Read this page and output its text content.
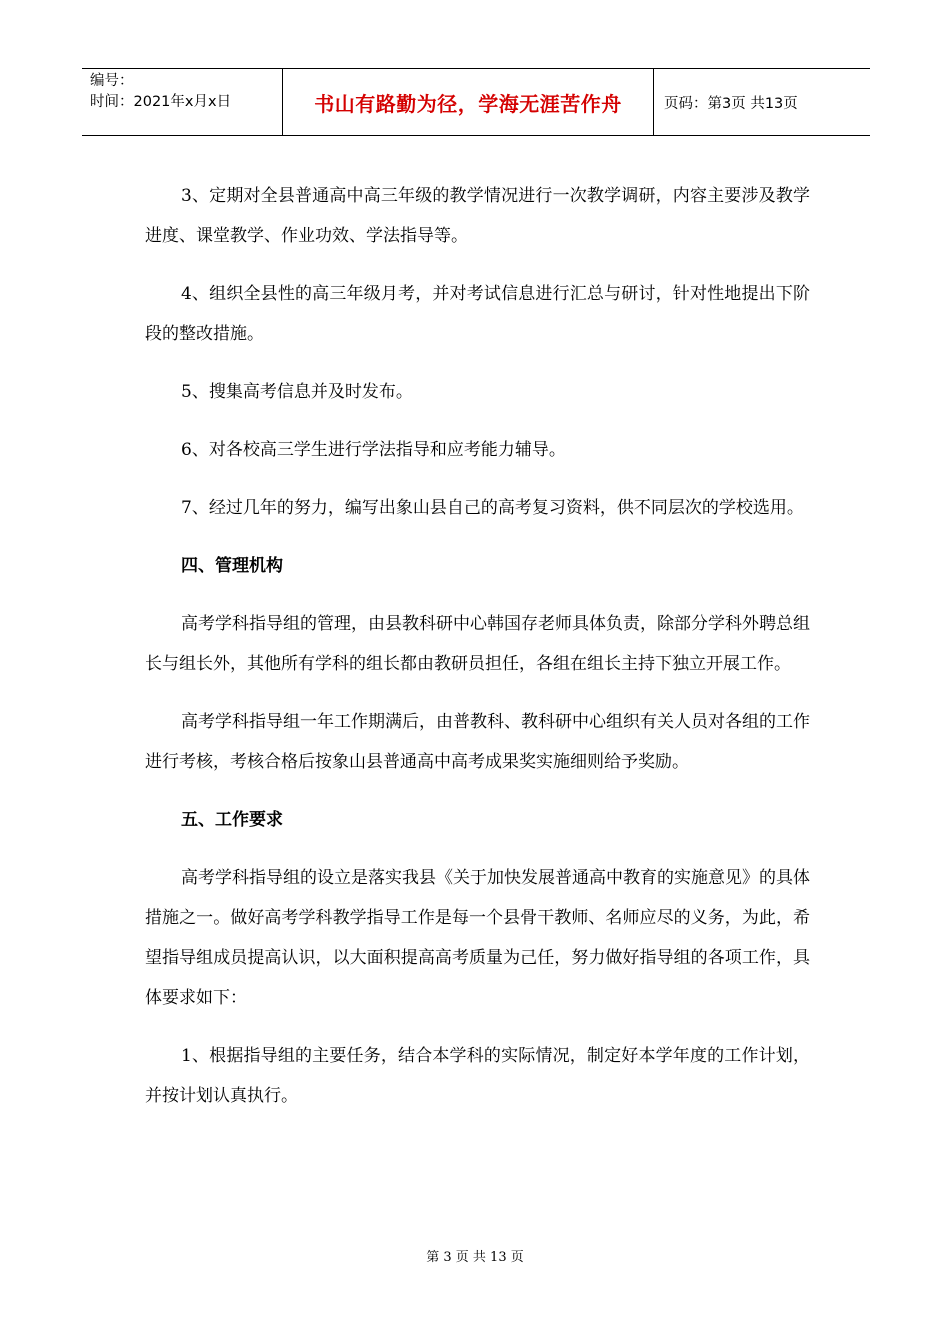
编号：
时间：2021年x月x日	书山有路勤为径，学海无涯苦作舟	页码：第3页 共13页

3、定期对全县普通高中高三年级的教学情况进行一次教学调研，内容主要涉及教学进度、课堂教学、作业功效、学法指导等。

4、组织全县性的高三年级月考，并对考试信息进行汇总与研讨，针对性地提出下阶段的整改措施。

5、搜集高考信息并及时发布。

6、对各校高三学生进行学法指导和应考能力辅导。

7、经过几年的努力，编写出象山县自己的高考复习资料，供不同层次的学校选用。

四、管理机构

高考学科指导组的管理，由县教科研中心韩国存老师具体负责，除部分学科外聘总组长与组长外，其他所有学科的组长都由教研员担任，各组在组长主持下独立开展工作。

高考学科指导组一年工作期满后，由普教科、教科研中心组织有关人员对各组的工作进行考核，考核合格后按象山县普通高中高考成果奖实施细则给予奖励。

五、工作要求

高考学科指导组的设立是落实我县《关于加快发展普通高中教育的实施意见》的具体措施之一。做好高考学科教学指导工作是每一个县骨干教师、名师应尽的义务，为此，希望指导组成员提高认识，以大面积提高高考质量为己任，努力做好指导组的各项工作，具体要求如下：

1、根据指导组的主要任务，结合本学科的实际情况，制定好本学年度的工作计划，并按计划认真执行。

第 3 页 共 13 页
